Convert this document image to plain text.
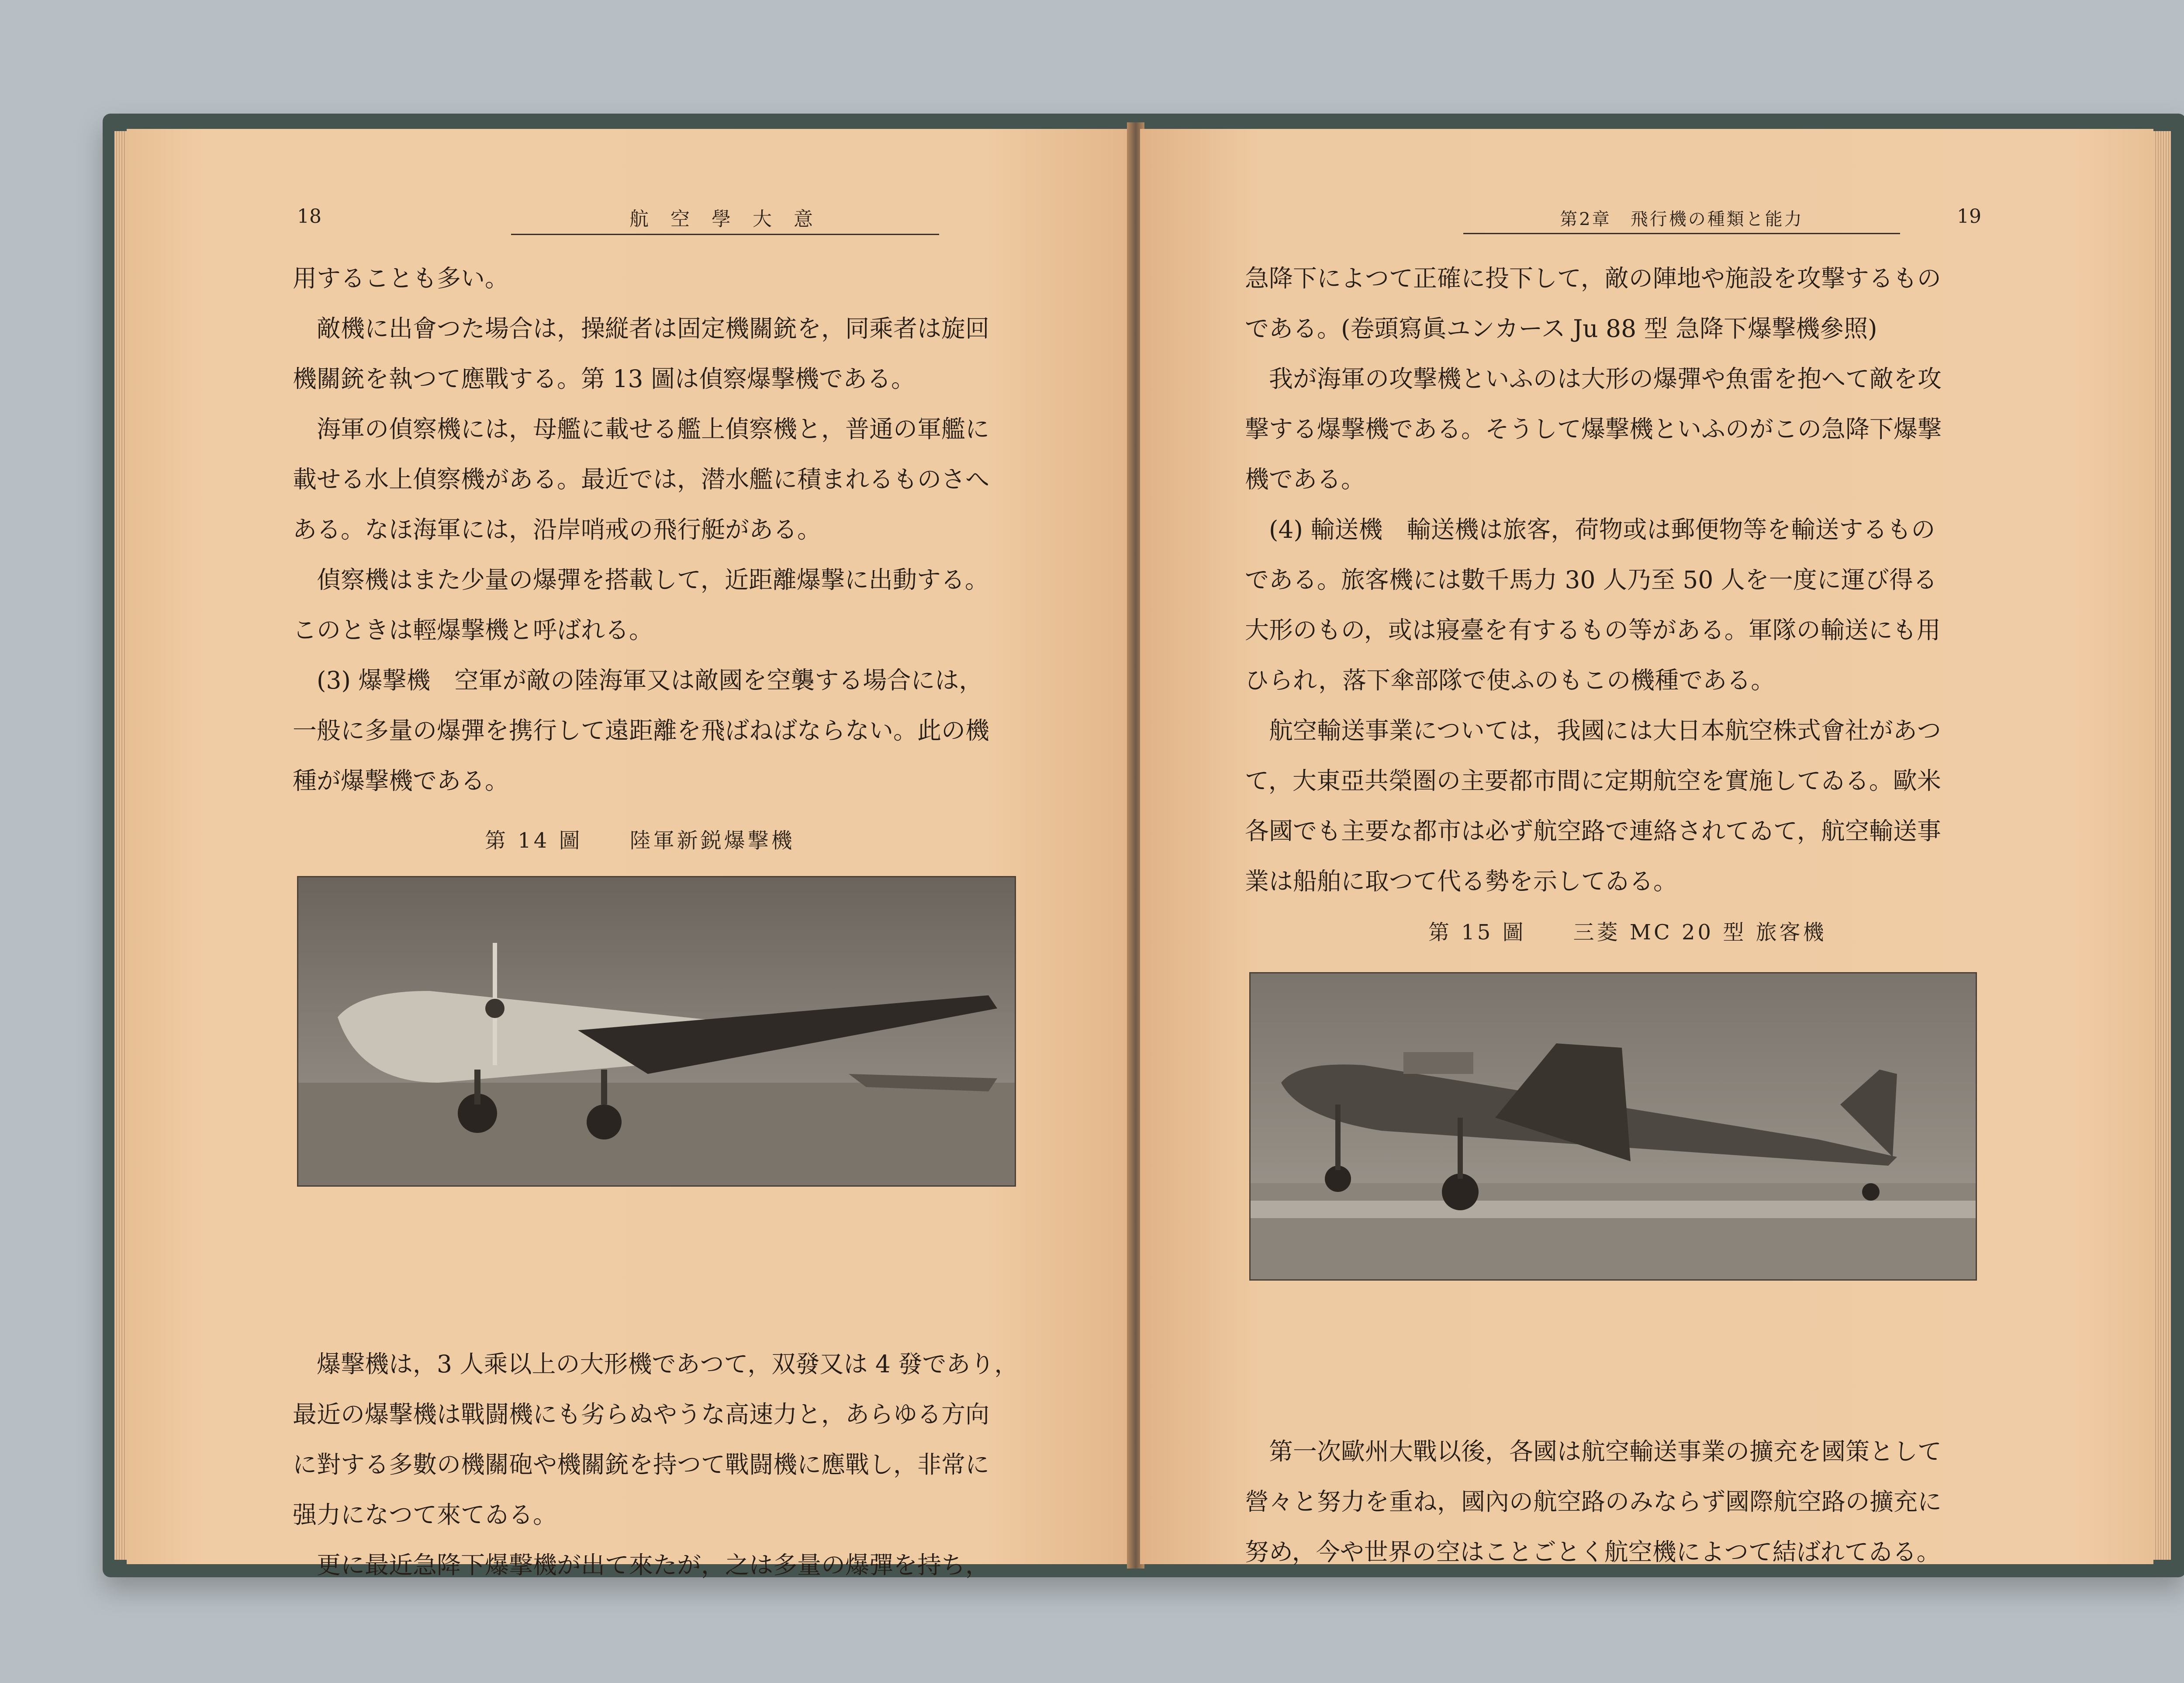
18	航 空 學 大 意

用することも多い。

　敵機に出會つた場合は，操縦者は固定機關銃を，同乘者は旋回

機關銃を執つて應戰する。第 13 圖は偵察爆撃機である。

　海軍の偵察機には，母艦に載せる艦上偵察機と，普通の軍艦に

載せる水上偵察機がある。最近では，潜水艦に積まれるものさへ

ある。なほ海軍には，沿岸哨戒の飛行艇がある。

　偵察機はまた少量の爆彈を搭載して，近距離爆撃に出動する。

このときは輕爆撃機と呼ばれる。

　(3) 爆撃機　空軍が敵の陸海軍又は敵國を空襲する場合には，

一般に多量の爆彈を携行して遠距離を飛ばねばならない。此の機

種が爆撃機である。

第 14 圖　　陸軍新鋭爆撃機

　爆撃機は，3 人乘以上の大形機であつて，双發又は 4 發であり，

最近の爆撃機は戰闘機にも劣らぬやうな高速力と，あらゆる方向

に對する多數の機關砲や機關銃を持つて戰闘機に應戰し，非常に

强力になつて來てゐる。

　更に最近急降下爆撃機が出て來たが，之は多量の爆彈を持ち，

第2章　飛行機の種類と能力	19

急降下によつて正確に投下して，敵の陣地や施設を攻撃するもの

である。(卷頭寫眞ユンカース Ju 88 型 急降下爆撃機參照)

　我が海軍の攻撃機といふのは大形の爆彈や魚雷を抱へて敵を攻

撃する爆撃機である。そうして爆撃機といふのがこの急降下爆撃

機である。

　(4) 輸送機　輸送機は旅客，荷物或は郵便物等を輸送するもの

である。旅客機には數千馬力 30 人乃至 50 人を一度に運び得る

大形のもの，或は寢臺を有するもの等がある。軍隊の輸送にも用

ひられ，落下傘部隊で使ふのもこの機種である。

　航空輸送事業については，我國には大日本航空株式會社があつ

て，大東亞共榮圏の主要都市間に定期航空を實施してゐる。歐米

各國でも主要な都市は必ず航空路で連絡されてゐて，航空輸送事

業は船舶に取つて代る勢を示してゐる。

第 15 圖　　三菱 MC 20 型 旅客機

　第一次歐州大戰以後，各國は航空輸送事業の擴充を國策として

營々と努力を重ね，國內の航空路のみならず國際航空路の擴充に

努め，今や世界の空はことごとく航空機によつて結ばれてゐる。
